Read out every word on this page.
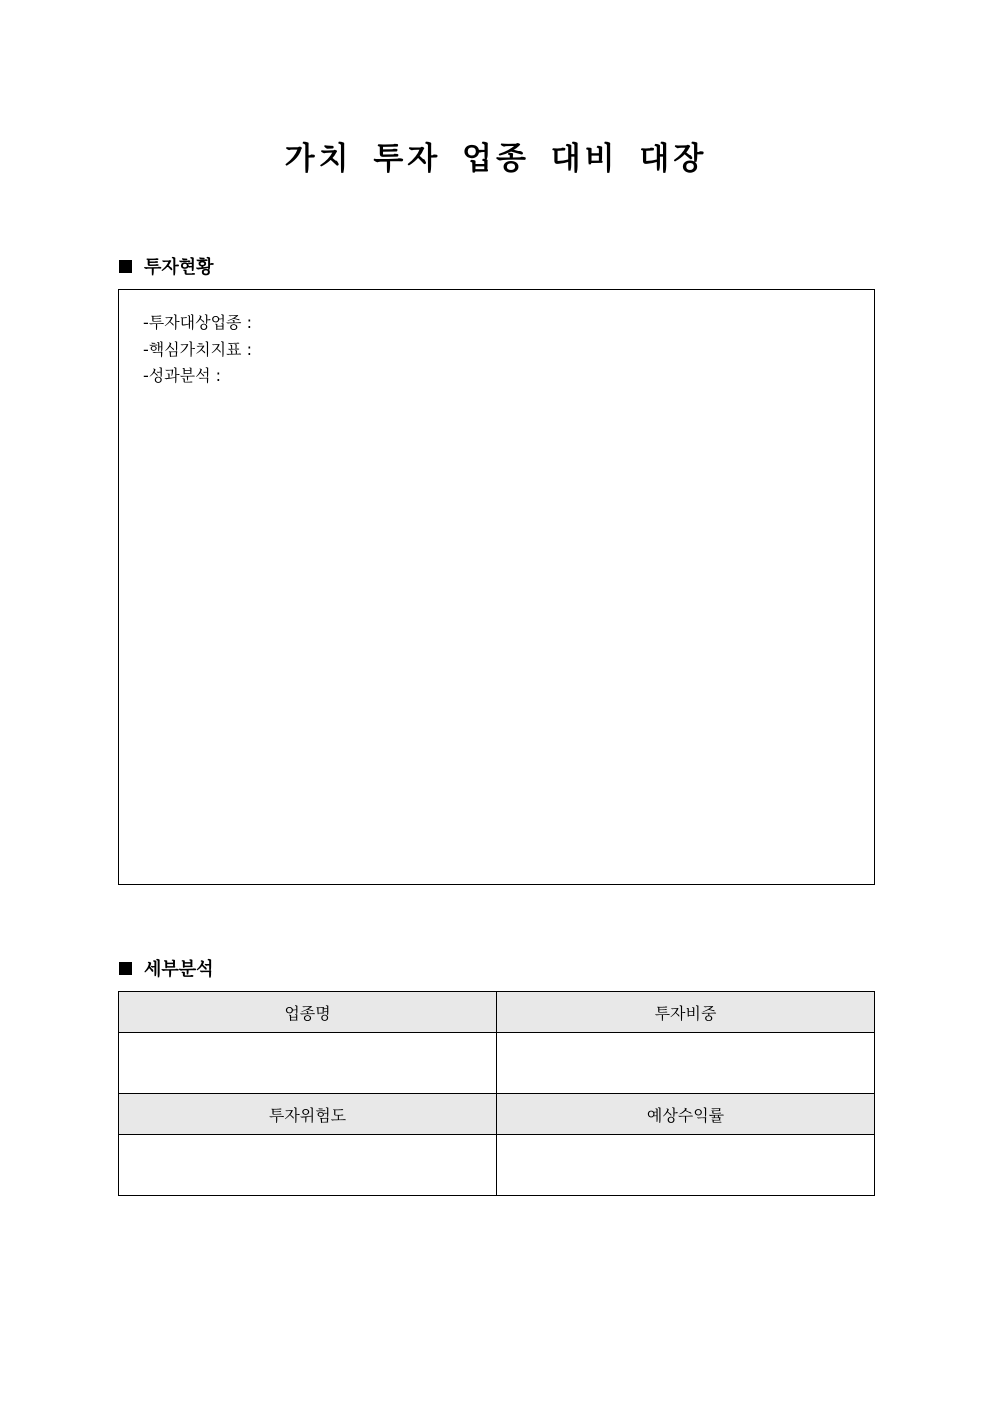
가치 투자 업종 대비 대장
투자현황
-투자대상업종 :
-핵심가치지표 :
-성과분석 :
세부분석
업종명	투자비중

투자위험도	예상수익률
